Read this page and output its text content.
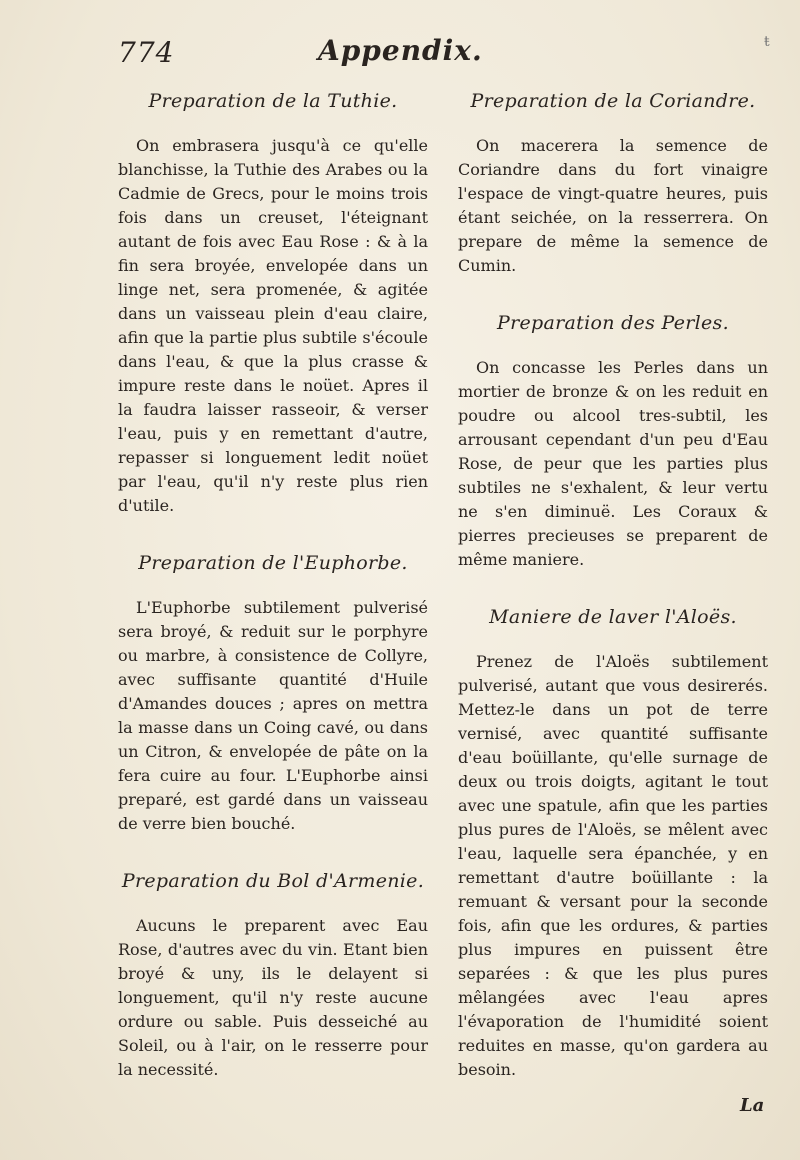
774	Appendix.	ŧ
Preparation de la Tuthie.

On embrasera jusqu'à ce qu'elle blanchisse, la Tuthie des Arabes ou la Cadmie de Grecs, pour le moins trois fois dans un creuset, l'éteignant autant de fois avec Eau Rose : & à la fin sera broyée, envelopée dans un linge net, sera promenée, & agitée dans un vaisseau plein d'eau claire, afin que la partie plus subtile s'écoule dans l'eau, & que la plus crasse & impure reste dans le noüet. Apres il la faudra laisser rasseoir, & verser l'eau, puis y en remettant d'autre, repasser si longuement ledit noüet par l'eau, qu'il n'y reste plus rien d'utile.

Preparation de l'Euphorbe.

L'Euphorbe subtilement pulverisé sera broyé, & reduit sur le porphyre ou marbre, à consistence de Collyre, avec suffisante quantité d'Huile d'Amandes douces ; apres on mettra la masse dans un Coing cavé, ou dans un Citron, & envelopée de pâte on la fera cuire au four. L'Euphorbe ainsi preparé, est gardé dans un vaisseau de verre bien bouché.

Preparation du Bol d'Armenie.

Aucuns le preparent avec Eau Rose, d'autres avec du vin. Etant bien broyé & uny, ils le delayent si longuement, qu'il n'y reste aucune ordure ou sable. Puis desseiché au Soleil, ou à l'air, on le resserre pour la necessité.

Preparation de la Coriandre.

On macerera la semence de Coriandre dans du fort vinaigre l'espace de vingt-quatre heures, puis étant seichée, on la resserrera. On prepare de même la semence de Cumin.

Preparation des Perles.

On concasse les Perles dans un mortier de bronze & on les reduit en poudre ou alcool tres-subtil, les arrousant cependant d'un peu d'Eau Rose, de peur que les parties plus subtiles ne s'exhalent, & leur vertu ne s'en diminuë. Les Coraux & pierres precieuses se preparent de même maniere.

Maniere de laver l'Aloës.

Prenez de l'Aloës subtilement pulverisé, autant que vous desirerés. Mettez-le dans un pot de terre vernisé, avec quantité suffisante d'eau boüillante, qu'elle surnage de deux ou trois doigts, agitant le tout avec une spatule, afin que les parties plus pures de l'Aloës, se mêlent avec l'eau, laquelle sera épanchée, y en remettant d'autre boüillante : la remuant & versant pour la seconde fois, afin que les ordures, & parties plus impures en puissent être separées : & que les plus pures mêlangées avec l'eau apres l'évaporation de l'humidité soient reduites en masse, qu'on gardera au besoin.

La
